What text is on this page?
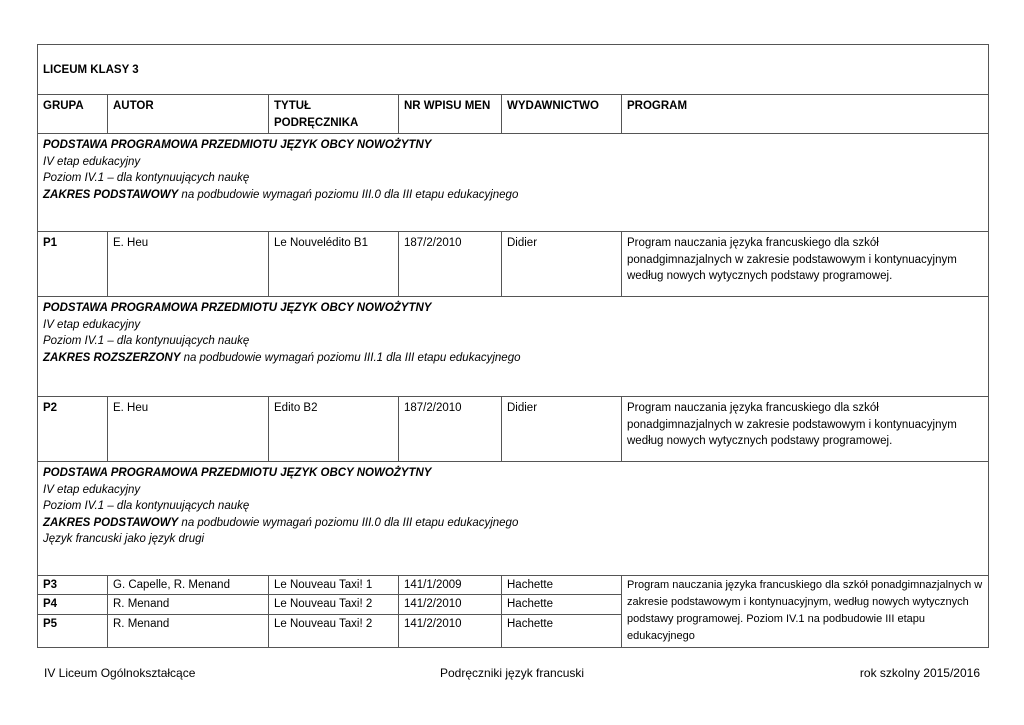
LICEUM KLASY 3					
GRUPA	AUTOR	TYTUŁ PODRĘCZNIKA	NR WPISU MEN	WYDAWNICTWO	PROGRAM

PODSTAWA PROGRAMOWA PRZEDMIOTU JĘZYK OBCY NOWOŻYTNY
IV etap edukacyjny
Poziom IV.1 – dla kontynuujących naukę
ZAKRES PODSTAWOWY na podbudowie wymagań poziomu III.0 dla III etapu edukacyjnego					

P1	E. Heu	Le Nouvelédito B1	187/2/2010	Didier	Program nauczania języka francuskiego dla szkół ponadgimnazjalnych w zakresie podstawowym i kontynuacyjnym według nowych wytycznych podstawy programowej.

PODSTAWA PROGRAMOWA PRZEDMIOTU JĘZYK OBCY NOWOŻYTNY
IV etap edukacyjny
Poziom IV.1 – dla kontynuujących naukę
ZAKRES ROZSZERZONY na podbudowie wymagań poziomu III.1 dla III etapu edukacyjnego					

P2	E. Heu	Edito B2	187/2/2010	Didier	Program nauczania języka francuskiego dla szkół ponadgimnazjalnych w zakresie podstawowym i kontynuacyjnym według nowych wytycznych podstawy programowej.

PODSTAWA PROGRAMOWA PRZEDMIOTU JĘZYK OBCY NOWOŻYTNY
IV etap edukacyjny
Poziom IV.1 – dla kontynuujących naukę
ZAKRES PODSTAWOWY na podbudowie wymagań poziomu III.0 dla III etapu edukacyjnego
Język francuski jako język drugi					

P3	G. Capelle, R. Menand	Le Nouveau Taxi! 1	141/1/2009	Hachette	Program nauczania języka francuskiego dla szkół ponadgimnazjalnych w zakresie podstawowym i kontynuacyjnym, według nowych wytycznych podstawy programowej. Poziom IV.1 na podbudowie III etapu edukacyjnego
P4	R. Menand	Le Nouveau Taxi! 2	141/2/2010	Hachette	
P5	R. Menand	Le Nouveau Taxi! 2	141/2/2010	Hachette	
IV Liceum Ogólnokształcące	Podręczniki język francuski	rok szkolny 2015/2016
